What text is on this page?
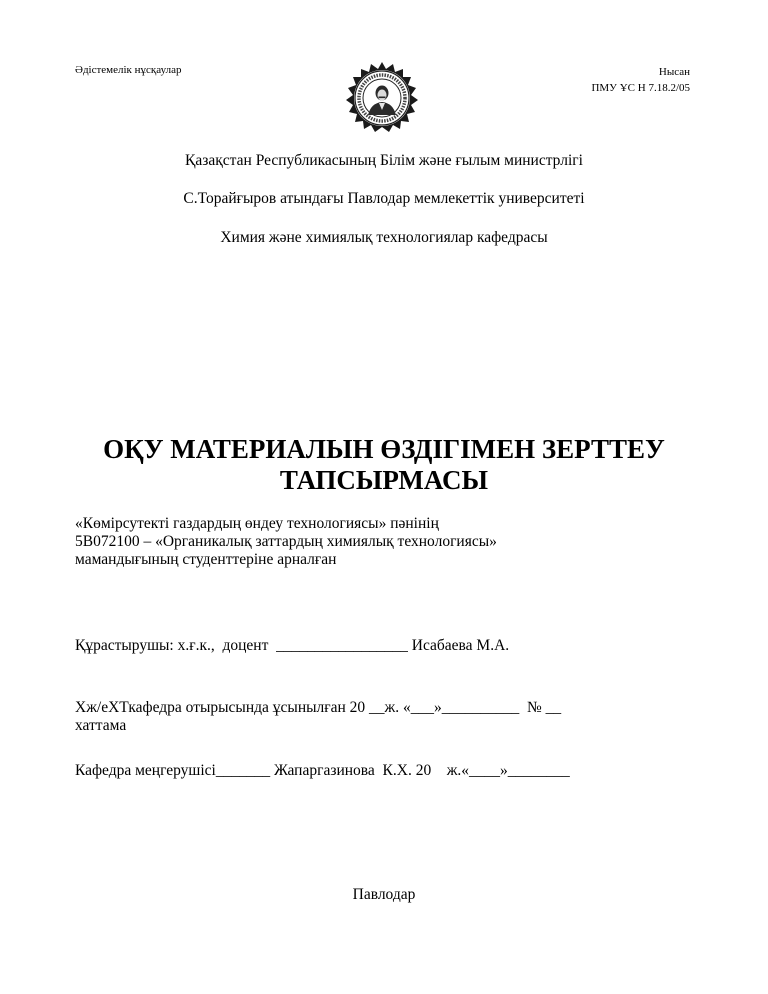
Әдістемелік нұсқаулар	Нысан
ПМУ ҰС Н 7.18.2/05
Қазақстан Республикасының Білім және ғылым министрлігі
С.Торайғыров атындағы Павлодар мемлекеттік университеті
Химия және химиялық технологиялар кафедрасы
ОҚУ МАТЕРИАЛЫН ӨЗДІГІМЕН ЗЕРТТЕУ
ТАПСЫРМАСЫ
«Көмірсутекті газдардың өндеу технологиясы» пәнінің
5В072100 – «Органикалық заттардың химиялық технологиясы»
мамандығының студенттеріне арналған
Құрастырушы: х.ғ.к.,  доцент  _________________ Исабаева М.А.
Хж/еХТкафедра отырысында ұсынылған 20 __ж. «___»__________  № __
хаттама
Кафедра меңгерушісі_______ Жапаргазинова  К.Х. 20    ж.«____»________
Павлодар
